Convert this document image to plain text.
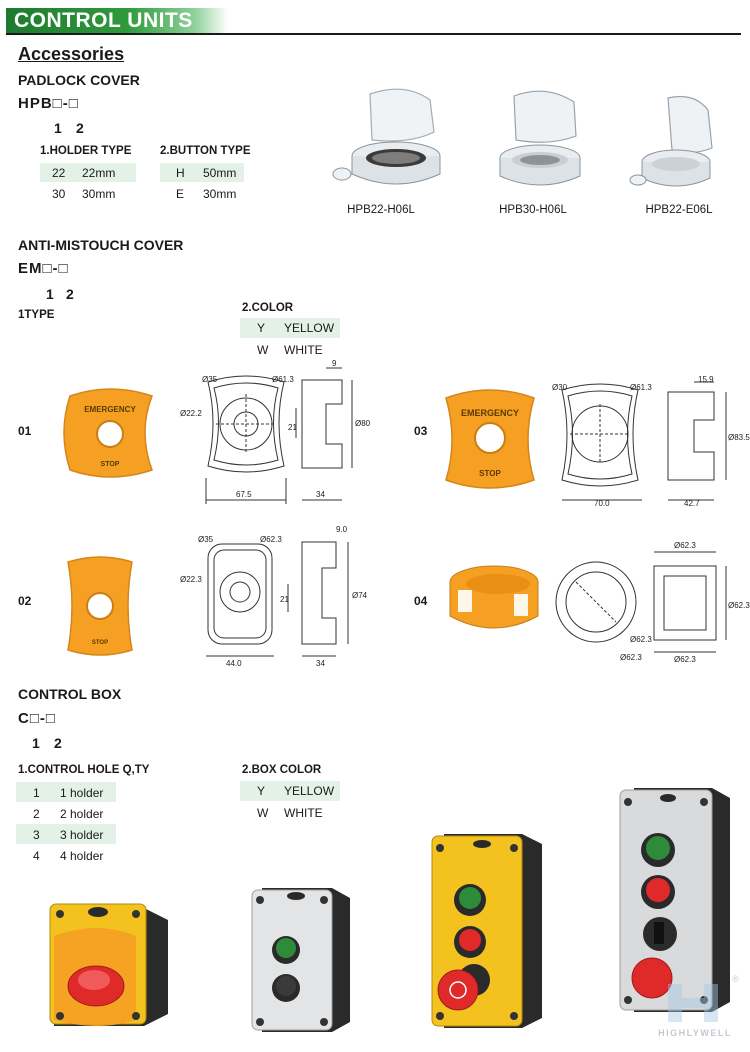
CONTROL UNITS
Accessories
PADLOCK COVER
HPB□-□
1 2
1.HOLDER TYPE
22 22mm
30 30mm
2.BUTTON TYPE
H 50mm
E 30mm
HPB22-H06L	HPB30-H06L	HPB22-E06L
ANTI-MISTOUCH COVER
EM□-□
1 2
1TYPE
2.COLOR
Y YELLOW
W WHITE
01
02
03
04
EMERGENCY
STOP
Ø35	Ø61.3
Ø22.2
21
67.5
9
Ø80
34
STOP
Ø35	Ø62.3
Ø22.3
21
44.0
9.0
Ø74
34
EMERGENCY
STOP
Ø30	Ø61.3
70.0
15.9
Ø83.5
42.7
Ø62.3
Ø62.3
Ø62.3
Ø62.3
Ø62.3
CONTROL BOX
C□-□
1 2
1.CONTROL HOLE Q,TY
1 1 holder
2 2 holder
3 3 holder
4 4 holder
2.BOX COLOR
Y YELLOW
W WHITE
®
HIGHLYWELL
